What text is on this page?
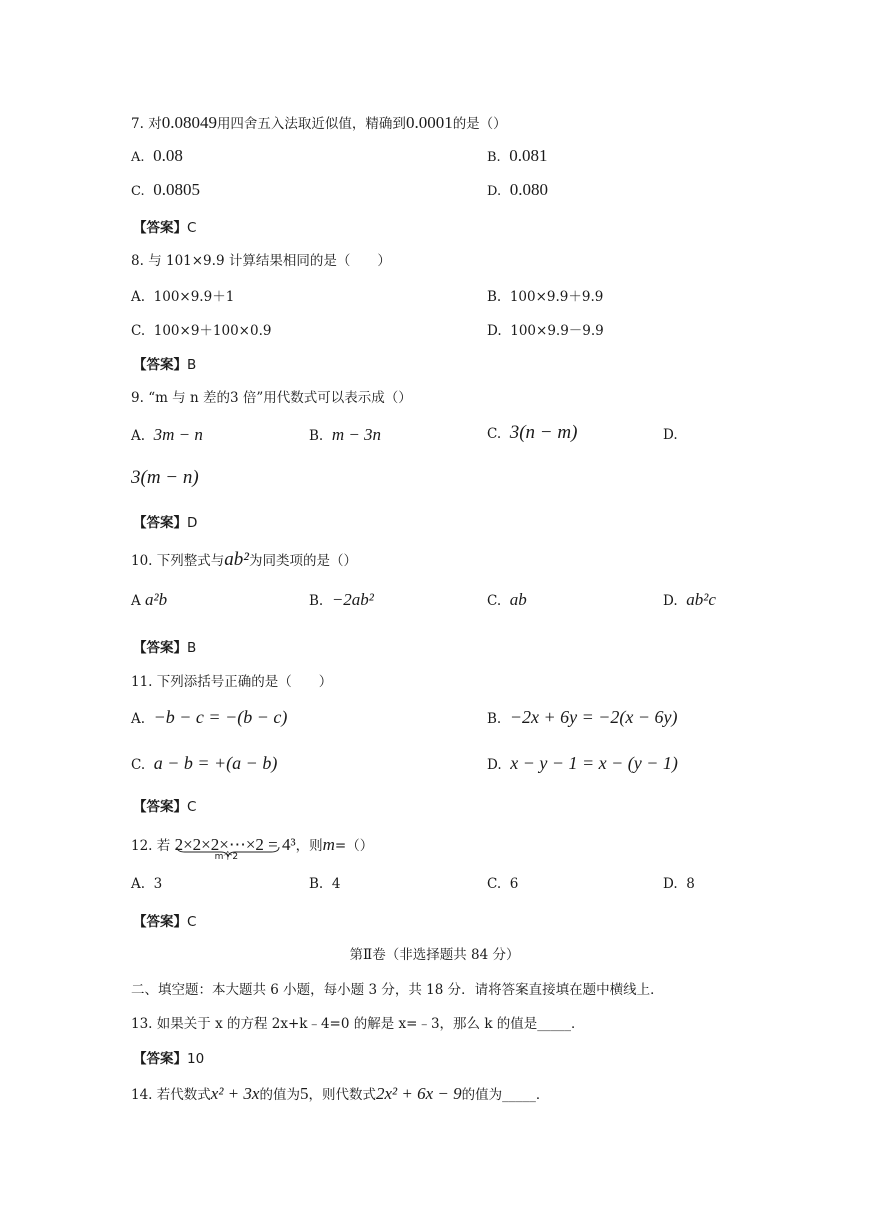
7. 对0.08049用四舍五入法取近似值，精确到0.0001的是（）
A. 0.08	B. 0.081
C. 0.0805	D. 0.080
【答案】C
8. 与 101×9.9 计算结果相同的是（　　）
A. 100×9.9＋1	B. 100×9.9＋9.9
C. 100×9＋100×0.9	D. 100×9.9－9.9
【答案】B
9. “m 与 n 差的3 倍”用代数式可以表示成（）
A. 3m − n	B. m − 3n	C. 3(n − m)	D.
3(m − n)
【答案】D
10. 下列整式与ab²为同类项的是（）
A a²b	B. −2ab²	C. ab	D. ab²c
【答案】B
11. 下列添括号正确的是（　　）
A. −b − c = −(b − c)	B. −2x + 6y = −2(x − 6y)
C. a − b = +(a − b)	D. x − y − 1 = x − (y − 1)
【答案】C
12. 若 2×2×2×⋯×2 = 4³
m个2
，则m=（）
A. 3	B. 4	C. 6	D. 8
【答案】C
第Ⅱ卷（非选择题共 84 分）
二、填空题：本大题共 6 小题，每小题 3 分，共 18 分．请将答案直接填在题中横线上．
13. 如果关于 x 的方程 2x+k﹣4=0 的解是 x=﹣3，那么 k 的值是_____．
【答案】10
14. 若代数式x² + 3x的值为5，则代数式2x² + 6x − 9的值为_____．
